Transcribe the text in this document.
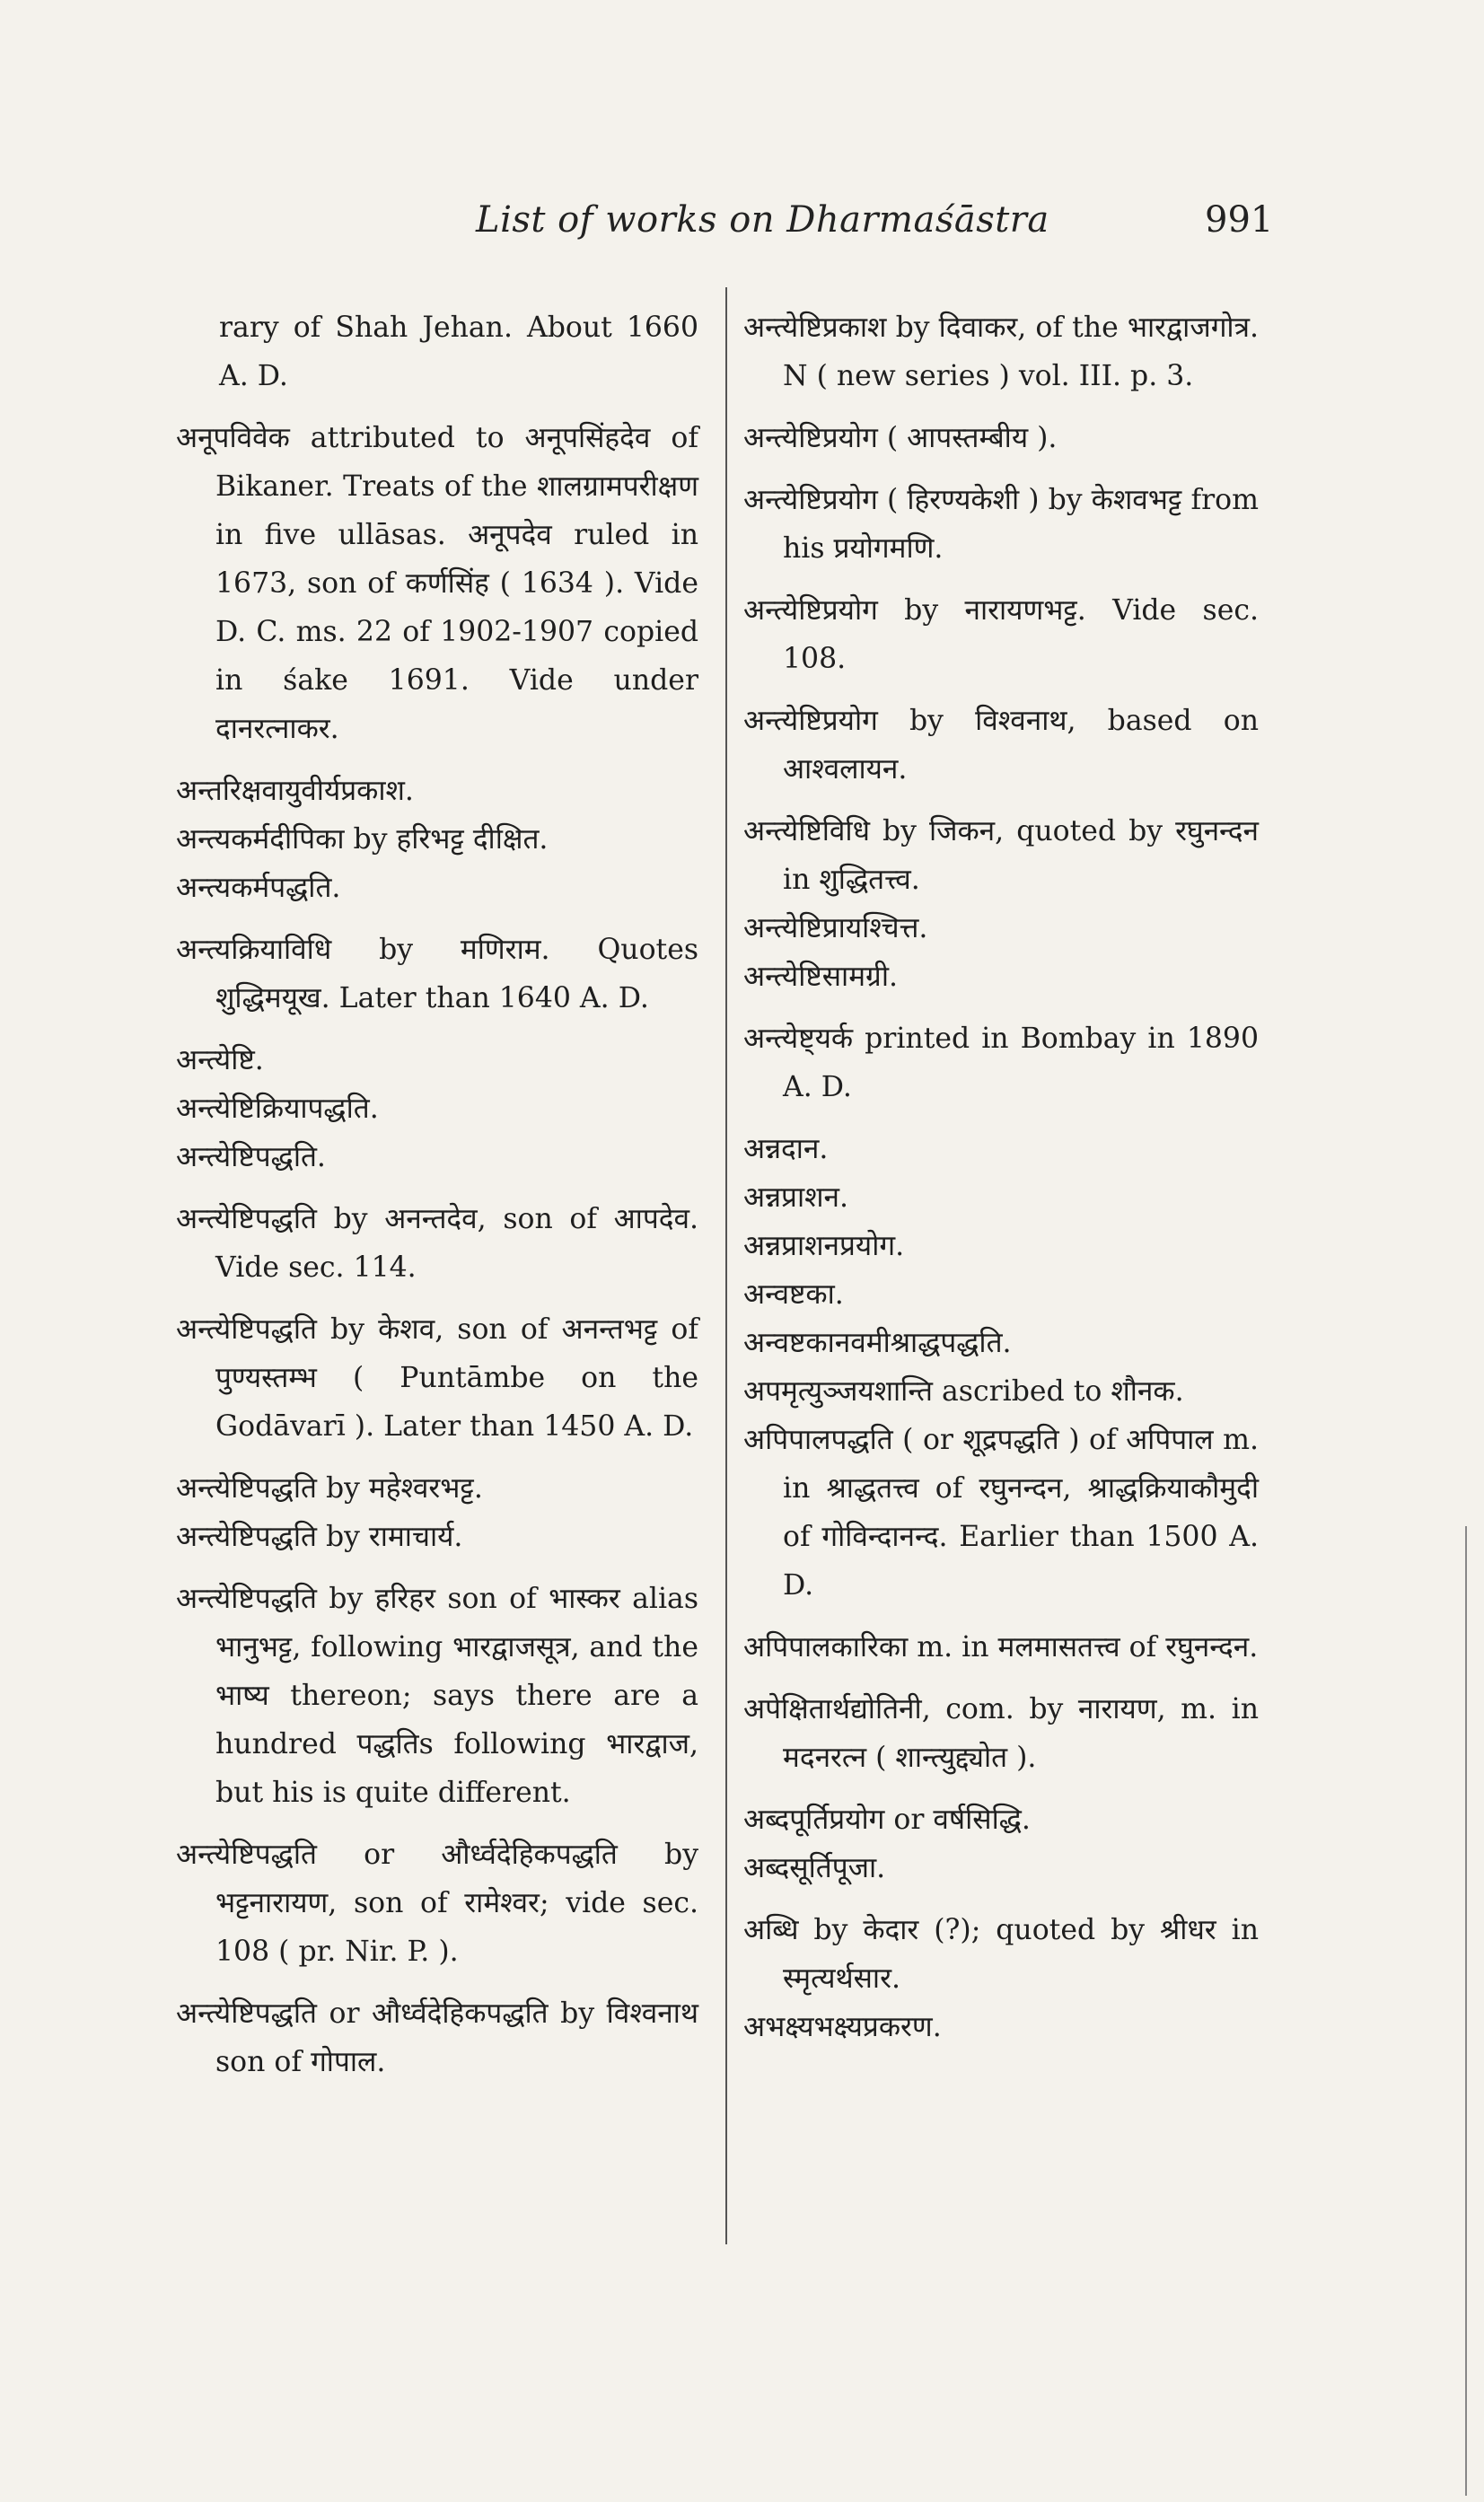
List of works on Dharmaśāstra	991

rary of Shah Jehan. About 1660 A. D.

अनूपविवेक attributed to अनूपसिंहदेव of Bikaner. Treats of the शालग्रामपरीक्षण in five ullāsas. अनूपदेव ruled in 1673, son of कर्णसिंह ( 1634 ). Vide D. C. ms. 22 of 1902-1907 copied in śake 1691. Vide under दानरत्नाकर.

अन्तरिक्षवायुवीर्यप्रकाश.

अन्त्यकर्मदीपिका by हरिभट्ट दीक्षित.

अन्त्यकर्मपद्धति.

अन्त्यक्रियाविधि by मणिराम. Quotes शुद्धिमयूख. Later than 1640 A. D.

अन्त्येष्टि.

अन्त्येष्टिक्रियापद्धति.

अन्त्येष्टिपद्धति.

अन्त्येष्टिपद्धति by अनन्तदेव, son of आपदेव. Vide sec. 114.

अन्त्येष्टिपद्धति by केशव, son of अनन्तभट्ट of पुण्यस्तम्भ ( Puntāmbe on the Godāvarī ). Later than 1450 A. D.

अन्त्येष्टिपद्धति by महेश्वरभट्ट.

अन्त्येष्टिपद्धति by रामाचार्य.

अन्त्येष्टिपद्धति by हरिहर son of भास्कर alias भानुभट्ट, following भारद्वाजसूत्र, and the भाष्य thereon; says there are a hundred पद्धतिs following भारद्वाज, but his is quite different.

अन्त्येष्टिपद्धति or और्ध्वदेहिकपद्धति by भट्टनारायण, son of रामेश्वर; vide sec. 108 ( pr. Nir. P. ).

अन्त्येष्टिपद्धति or और्ध्वदेहिकपद्धति by विश्वनाथ son of गोपाल.

अन्त्येष्टिप्रकाश by दिवाकर, of the भारद्वाजगोत्र. N ( new series ) vol. III. p. 3.

अन्त्येष्टिप्रयोग ( आपस्तम्बीय ).

अन्त्येष्टिप्रयोग ( हिरण्यकेशी ) by केशवभट्ट from his प्रयोगमणि.

अन्त्येष्टिप्रयोग by नारायणभट्ट. Vide sec. 108.

अन्त्येष्टिप्रयोग by विश्वनाथ, based on आश्वलायन.

अन्त्येष्टिविधि by जिकन, quoted by रघुनन्दन in शुद्धितत्त्व.

अन्त्येष्टिप्रायश्चित्त.

अन्त्येष्टिसामग्री.

अन्त्येष्ट्यर्क printed in Bombay in 1890 A. D.

अन्नदान.

अन्नप्राशन.

अन्नप्राशनप्रयोग.

अन्वष्टका.

अन्वष्टकानवमीश्राद्धपद्धति.

अपमृत्युञ्जयशान्ति ascribed to शौनक.

अपिपालपद्धति ( or शूद्रपद्धति ) of अपिपाल m. in श्राद्धतत्त्व of रघुनन्दन, श्राद्धक्रियाकौमुदी of गोविन्दानन्द. Earlier than 1500 A. D.

अपिपालकारिका m. in मलमासतत्त्व of रघुनन्दन.

अपेक्षितार्थद्योतिनी, com. by नारायण, m. in मदनरत्न ( शान्त्युद्द्योत ).

अब्दपूर्तिप्रयोग or वर्षसिद्धि.

अब्दसूर्तिपूजा.

अब्धि by केदार (?); quoted by श्रीधर in स्मृत्यर्थसार.

अभक्ष्यभक्ष्यप्रकरण.
